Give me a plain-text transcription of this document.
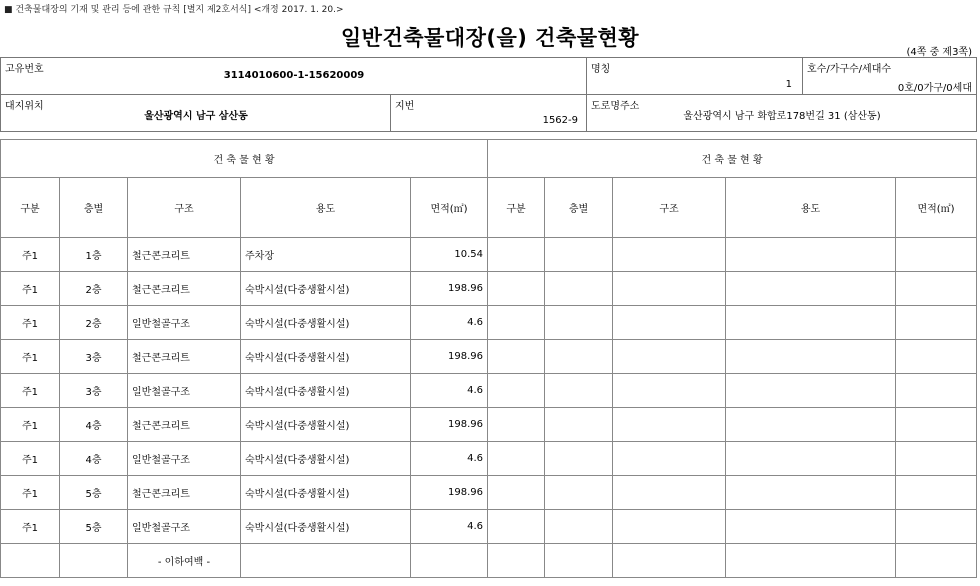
■ 건축물대장의 기재 및 관리 등에 관한 규칙 [별지 제2호서식] <개정 2017. 1. 20.>
일반건축물대장(을) 건축물현황
(4쪽 중 제3쪽)
고유번호
3114010600-1-15620009

명칭
1

호수/가구수/세대수
0호/0가구/0세대
대지위치
울산광역시 남구 삼산동

지번
1562-9

도로명주소
울산광역시 남구 화합로178번길 31 (삼산동)
건 축 물 현 황					건 축 물 현 황				
구분	층별	구조	용도	면적(㎡)	구분	층별	구조	용도	면적(㎡)
주1	1층	철근콘크리트	주차장	10.54					
주1	2층	철근콘크리트	숙박시설(다중생활시설)	198.96					
주1	2층	일반철골구조	숙박시설(다중생활시설)	4.6					
주1	3층	철근콘크리트	숙박시설(다중생활시설)	198.96					
주1	3층	일반철골구조	숙박시설(다중생활시설)	4.6					
주1	4층	철근콘크리트	숙박시설(다중생활시설)	198.96					
주1	4층	일반철골구조	숙박시설(다중생활시설)	4.6					
주1	5층	철근콘크리트	숙박시설(다중생활시설)	198.96					
주1	5층	일반철골구조	숙박시설(다중생활시설)	4.6					
		- 이하여백 -							
